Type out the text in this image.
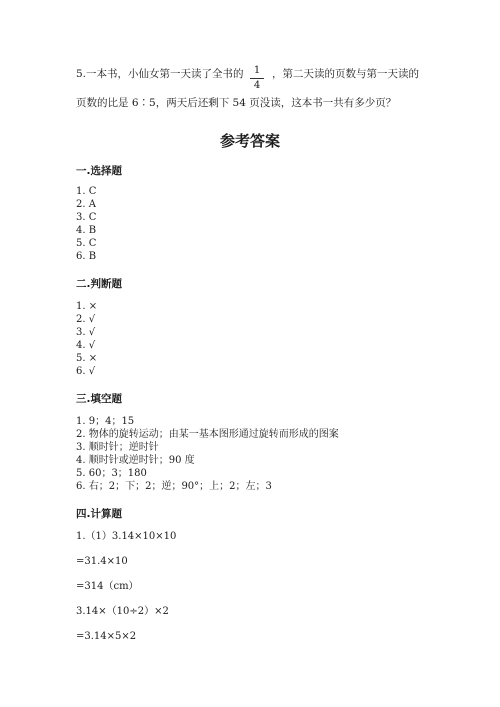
5.一本书，小仙女第一天读了全书的	1
4
，第二天读的页数与第一天读的
页数的比是 6∶5，两天后还剩下 54 页没读，这本书一共有多少页？
参考答案
一.选择题
1. C
2. A
3. C
4. B
5. C
6. B
二.判断题
1. ×
2. √
3. √
4. √
5. ×
6. √
三.填空题
1. 9；4；15
2. 物体的旋转运动；由某一基本图形通过旋转而形成的图案
3. 顺时针；逆时针
4. 顺时针或逆时针；90 度
5. 60；3；180
6. 右；2；下；2；逆；90°；上；2；左；3
四.计算题
1.（1）3.14×10×10
=31.4×10
=314（cm）
3.14×（10÷2）×2
=3.14×5×2
